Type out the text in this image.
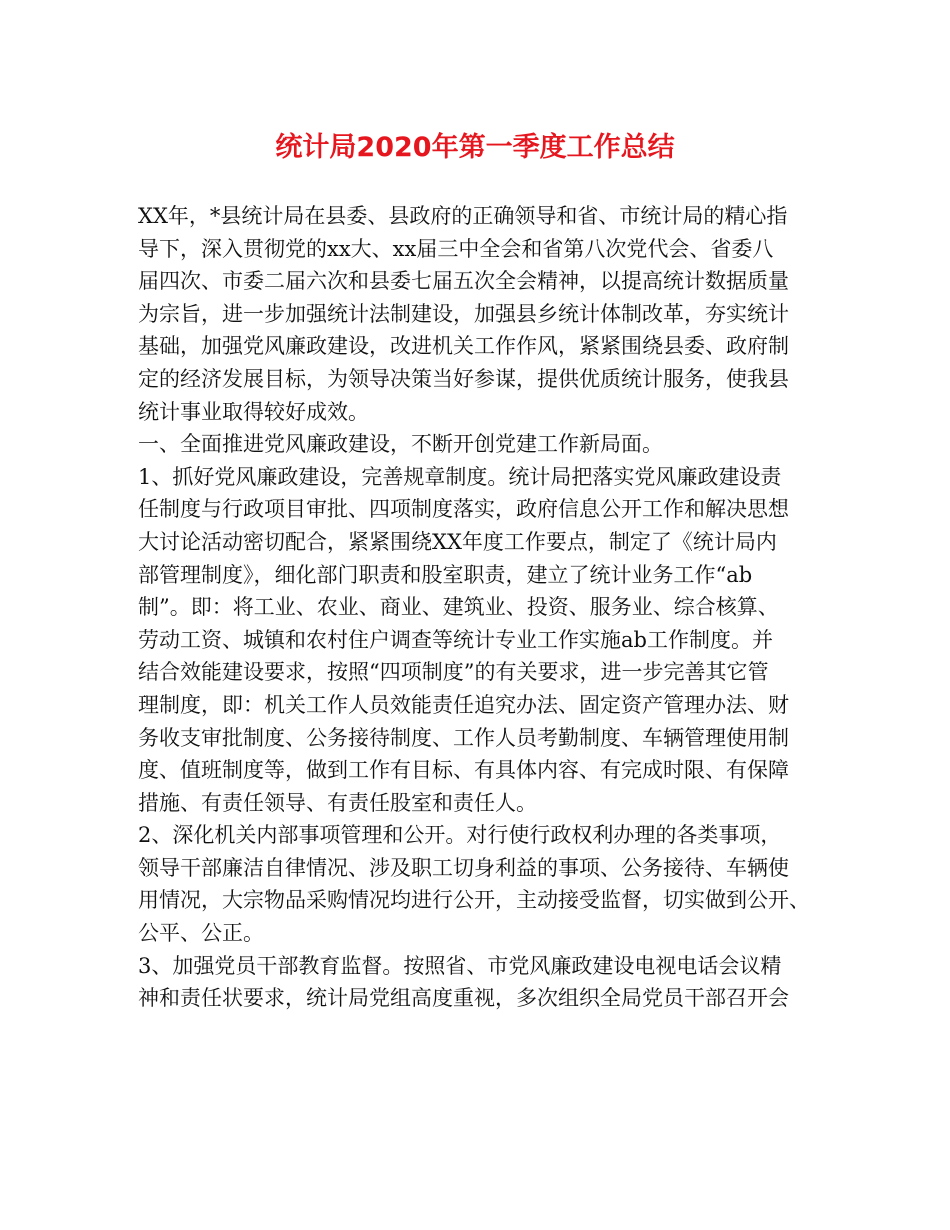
统计局2020年第一季度工作总结
XX年，*县统计局在县委、县政府的正确领导和省、市统计局的精心指
导下，深入贯彻党的xx大、xx届三中全会和省第八次党代会、省委八
届四次、市委二届六次和县委七届五次全会精神，以提高统计数据质量
为宗旨，进一步加强统计法制建设，加强县乡统计体制改革，夯实统计
基础，加强党风廉政建设，改进机关工作作风，紧紧围绕县委、政府制
定的经济发展目标，为领导决策当好参谋，提供优质统计服务，使我县
统计事业取得较好成效。
一、全面推进党风廉政建设，不断开创党建工作新局面。
1、抓好党风廉政建设，完善规章制度。统计局把落实党风廉政建设责
任制度与行政项目审批、四项制度落实，政府信息公开工作和解决思想
大讨论活动密切配合，紧紧围绕XX年度工作要点，制定了《统计局内
部管理制度》，细化部门职责和股室职责，建立了统计业务工作“ab
制”。即：将工业、农业、商业、建筑业、投资、服务业、综合核算、
劳动工资、城镇和农村住户调查等统计专业工作实施ab工作制度。并
结合效能建设要求，按照“四项制度”的有关要求，进一步完善其它管
理制度，即：机关工作人员效能责任追究办法、固定资产管理办法、财
务收支审批制度、公务接待制度、工作人员考勤制度、车辆管理使用制
度、值班制度等，做到工作有目标、有具体内容、有完成时限、有保障
措施、有责任领导、有责任股室和责任人。
2、深化机关内部事项管理和公开。对行使行政权利办理的各类事项，
领导干部廉洁自律情况、涉及职工切身利益的事项、公务接待、车辆使
用情况，大宗物品采购情况均进行公开，主动接受监督，切实做到公开、
公平、公正。
3、加强党员干部教育监督。按照省、市党风廉政建设电视电话会议精
神和责任状要求，统计局党组高度重视，多次组织全局党员干部召开会
